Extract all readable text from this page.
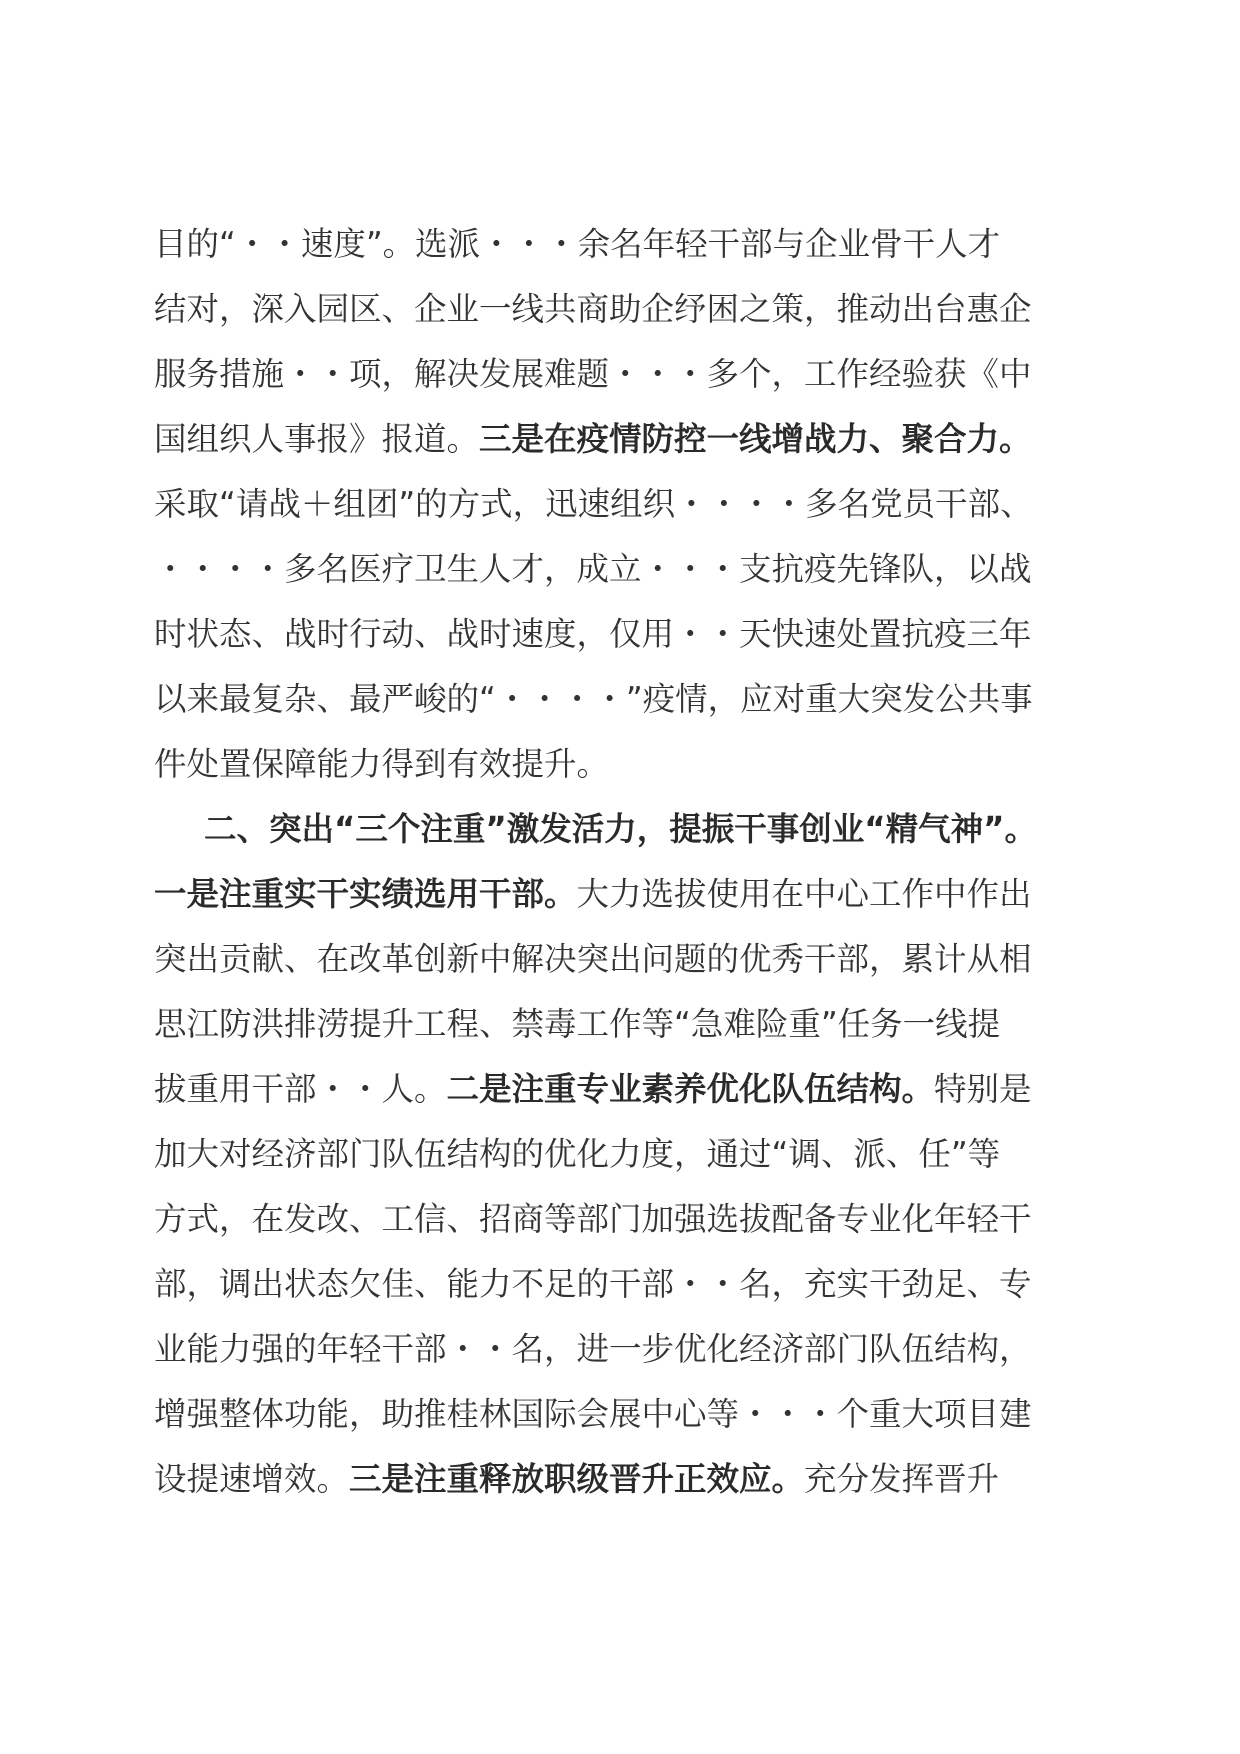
目的“・・速度”。选派・・・余名年轻干部与企业骨干人才
结对，深入园区、企业一线共商助企纾困之策，推动出台惠企
服务措施・・项，解决发展难题・・・多个，工作经验获《中
国组织人事报》报道。三是在疫情防控一线增战力、聚合力。
采取“请战＋组团”的方式，迅速组织・・・・多名党员干部、
・・・・多名医疗卫生人才，成立・・・支抗疫先锋队，以战
时状态、战时行动、战时速度，仅用・・天快速处置抗疫三年
以来最复杂、最严峻的“・・・・”疫情，应对重大突发公共事
件处置保障能力得到有效提升。
二、突出“三个注重”激发活力，提振干事创业“精气神”。
一是注重实干实绩选用干部。大力选拔使用在中心工作中作出
突出贡献、在改革创新中解决突出问题的优秀干部，累计从相
思江防洪排涝提升工程、禁毒工作等“急难险重”任务一线提
拔重用干部・・人。二是注重专业素养优化队伍结构。特别是
加大对经济部门队伍结构的优化力度，通过“调、派、任”等
方式，在发改、工信、招商等部门加强选拔配备专业化年轻干
部，调出状态欠佳、能力不足的干部・・名，充实干劲足、专
业能力强的年轻干部・・名，进一步优化经济部门队伍结构，
增强整体功能，助推桂林国际会展中心等・・・个重大项目建
设提速增效。三是注重释放职级晋升正效应。充分发挥晋升
